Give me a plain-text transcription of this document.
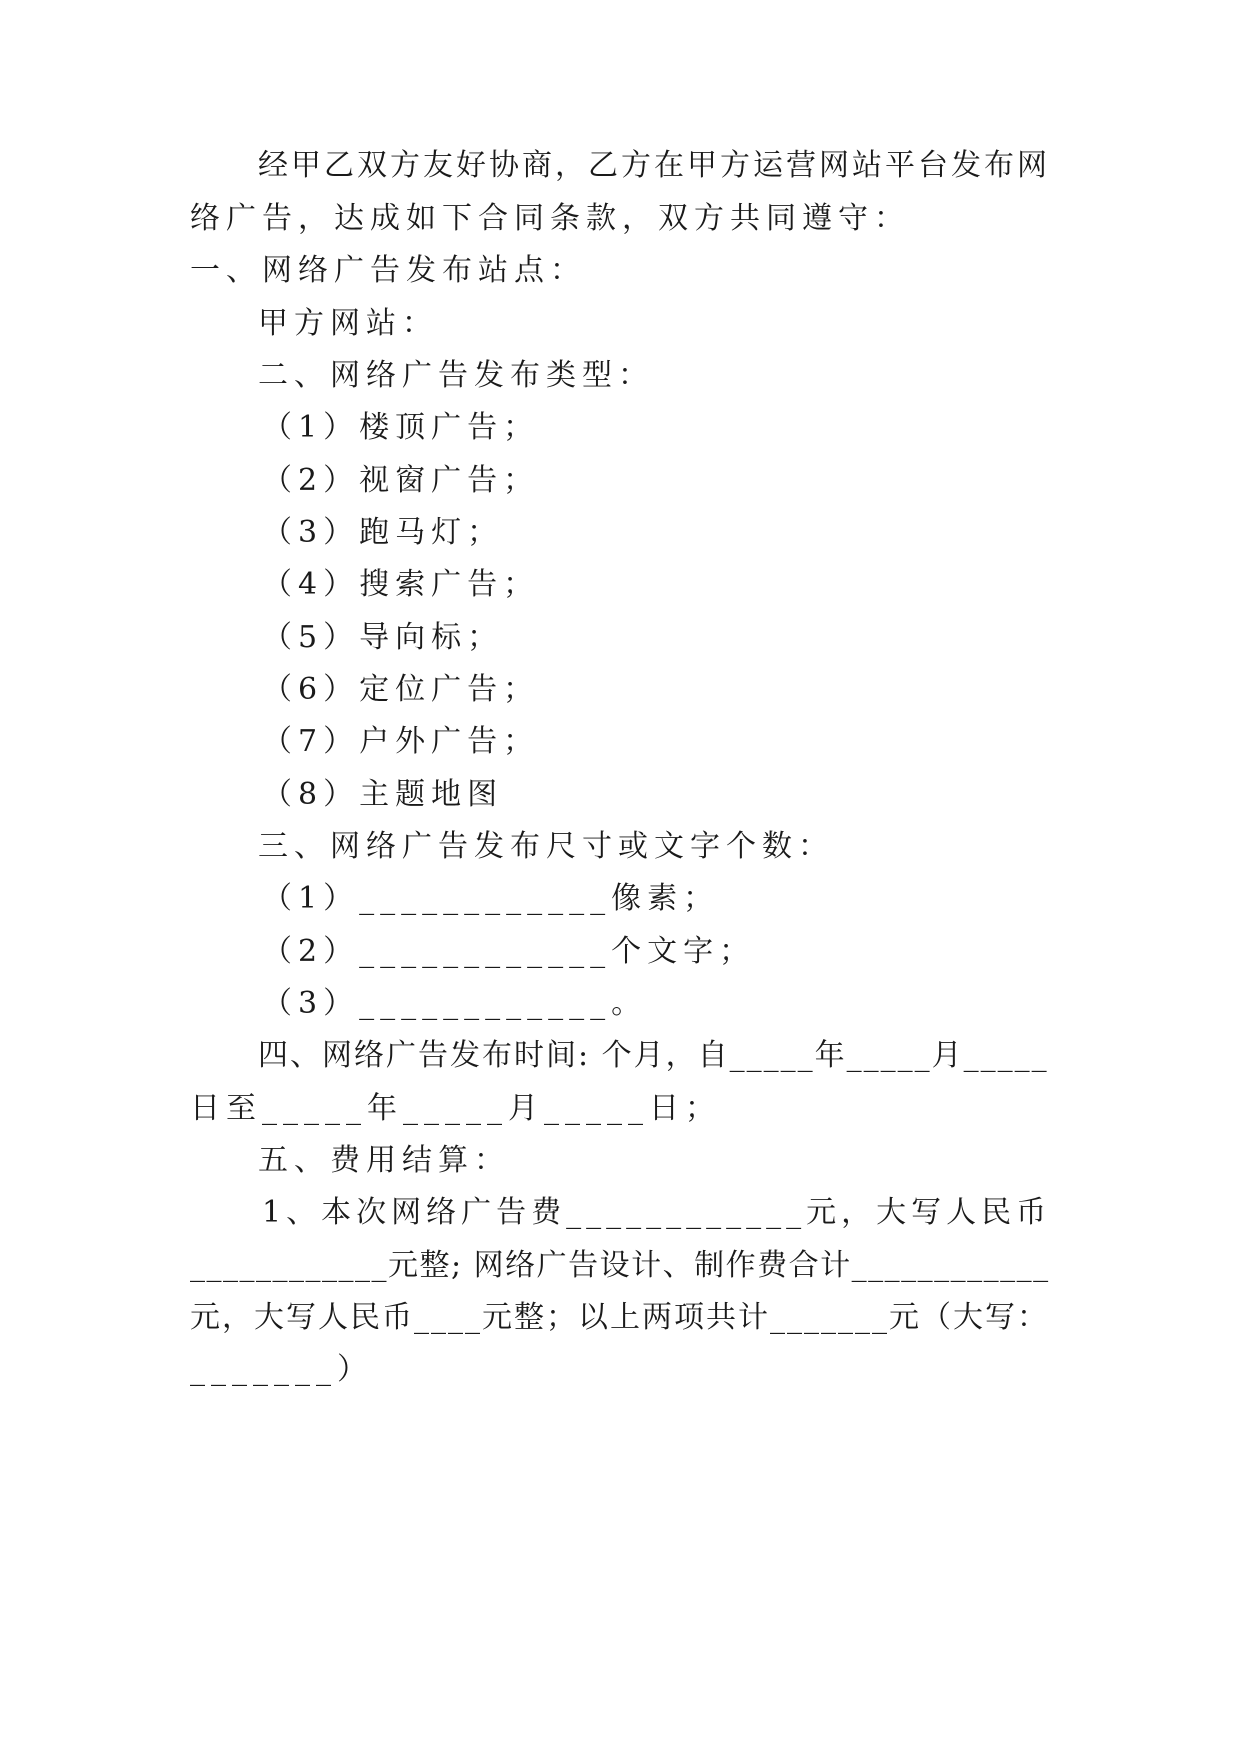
经甲乙双方友好协商，乙方在甲方运营网站平台发布网
络广告，达成如下合同条款，双方共同遵守：
一、网络广告发布站点：
甲方网站：
二、网络广告发布类型：
（1）楼顶广告；
（2）视窗广告；
（3）跑马灯；
（4）搜索广告；
（5）导向标；
（6）定位广告；
（7）户外广告；
（8）主题地图
三、网络广告发布尺寸或文字个数：
（1）____________像素；
（2）____________个文字；
（3）____________。
四、网络广告发布时间: 个月，自_____年_____月_____
日至_____年_____月_____日；
五、费用结算：
1、本次网络广告费____________元，大写人民币
____________元整; 网络广告设计、制作费合计____________
元，大写人民币____元整；以上两项共计_______元（大写：
_______）
